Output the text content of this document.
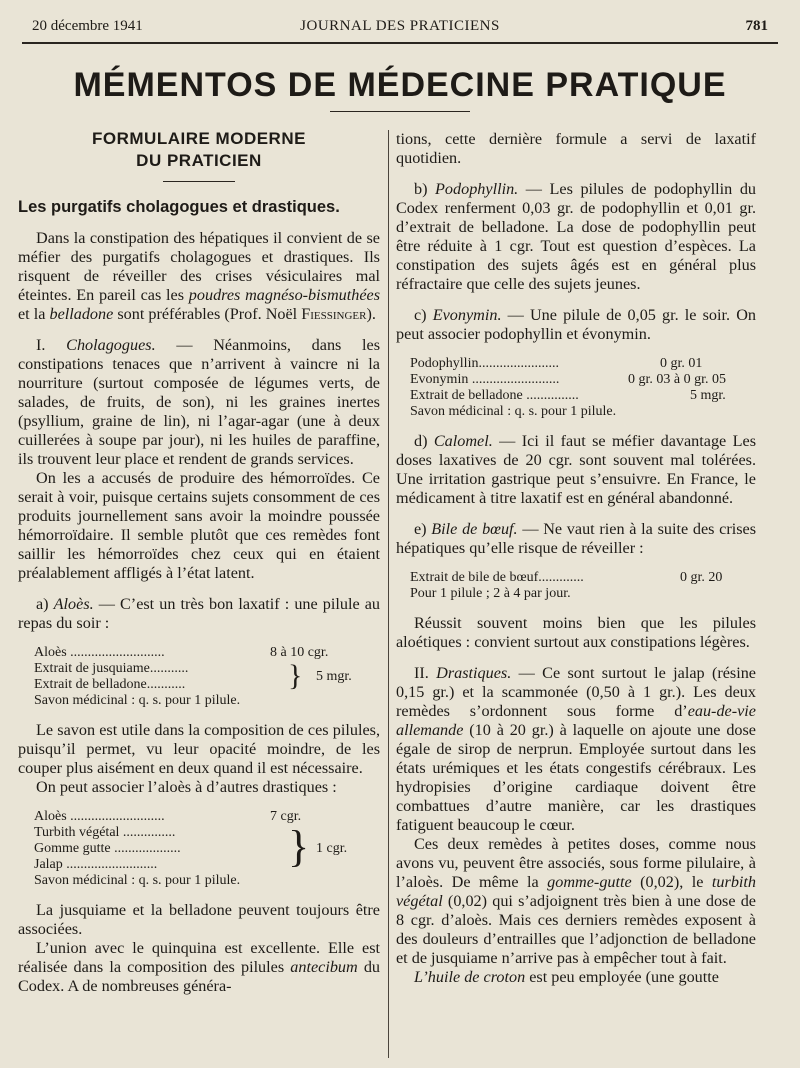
20 décembre 1941	JOURNAL DES PRATICIENS	781
MÉMENTOS DE MÉDECINE PRATIQUE
FORMULAIRE MODERNE
DU PRATICIEN
Les purgatifs cholagogues et drastiques.

Dans la constipation des hépatiques il convient de se méfier des purgatifs cholagogues et drastiques. Ils risquent de réveiller des crises vésiculaires mal éteintes. En pareil cas les poudres magnéso-bismuthées et la belladone sont préférables (Prof. Noël Fiessinger).

I. Cholagogues. — Néanmoins, dans les constipations tenaces que n’arrivent à vaincre ni la nourriture (surtout composée de légumes verts, de salades, de fruits, de son), ni les graines inertes (psyllium, graine de lin), ni l’agar-agar (une à deux cuillerées à soupe par jour), ni les huiles de paraffine, ils trouvent leur place et rendent de grands services.

On les a accusés de produire des hémorroïdes. Ce serait à voir, puisque certains sujets consomment de ces produits journellement sans avoir la moindre poussée hémorroïdaire. Il semble plutôt que ces remèdes font saillir les hémorroïdes chez ceux qui en étaient préalablement affligés à l’état latent.

a) Aloès. — C’est un très bon laxatif : une pilule au repas du soir :

Aloès ...........................	8 à 10 cgr.
Extrait de jusquiame...........
Extrait de belladone...........	} 5 mgr.
Savon médicinal : q. s. pour 1 pilule.

Le savon est utile dans la composition de ces pilules, puisqu’il permet, vu leur opacité moindre, de les couper plus aisément en deux quand il est nécessaire.

On peut associer l’aloès à d’autres drastiques :

Aloès ...........................	7 cgr.
Turbith végétal ...............
Gomme gutte ...................
Jalap ..........................	} 1 cgr.
Savon médicinal : q. s. pour 1 pilule.

La jusquiame et la belladone peuvent toujours être associées.

L’union avec le quinquina est excellente. Elle est réalisée dans la composition des pilules antecibum du Codex. A de nombreuses généra-

tions, cette dernière formule a servi de laxatif quotidien.

b) Podophyllin. — Les pilules de podophyllin du Codex renferment 0,03 gr. de podophyllin et 0,01 gr. d’extrait de belladone. La dose de podophyllin peut être réduite à 1 cgr. Tout est question d’espèces. La constipation des sujets âgés est en général plus réfractaire que celle des sujets jeunes.

c) Evonymin. — Une pilule de 0,05 gr. le soir. On peut associer podophyllin et évonymin.

Podophyllin.......................	0 gr. 01
Evonymin .........................	0 gr. 03 à 0 gr. 05
Extrait de belladone ...............	5 mgr.
Savon médicinal : q. s. pour 1 pilule.

d) Calomel. — Ici il faut se méfier davantage Les doses laxatives de 20 cgr. sont souvent mal tolérées. Une irritation gastrique peut s’ensuivre. En France, le médicament à titre laxatif est en général abandonné.

e) Bile de bœuf. — Ne vaut rien à la suite des crises hépatiques qu’elle risque de réveiller :

Extrait de bile de bœuf.............	0 gr. 20
Pour 1 pilule ; 2 à 4 par jour.

Réussit souvent moins bien que les pilules aloétiques : convient surtout aux constipations légères.

II. Drastiques. — Ce sont surtout le jalap (résine 0,15 gr.) et la scammonée (0,50 à 1 gr.). Les deux remèdes s’ordonnent sous forme d’eau-de-vie allemande (10 à 20 gr.) à laquelle on ajoute une dose égale de sirop de nerprun. Employée surtout dans les états urémiques et les états congestifs cérébraux. Les hydropisies d’origine cardiaque doivent être combattues d’autre manière, car les drastiques fatiguent beaucoup le cœur.

Ces deux remèdes à petites doses, comme nous avons vu, peuvent être associés, sous forme pilulaire, à l’aloès. De même la gomme-gutte (0,02), le turbith végétal (0,02) qui s’adjoignent très bien à une dose de 8 cgr. d’aloès. Mais ces derniers remèdes exposent à des douleurs d’entrailles que l’adjonction de belladone et de jusquiame n’arrive pas à empêcher tout à fait.

L’huile de croton est peu employée (une goutte
